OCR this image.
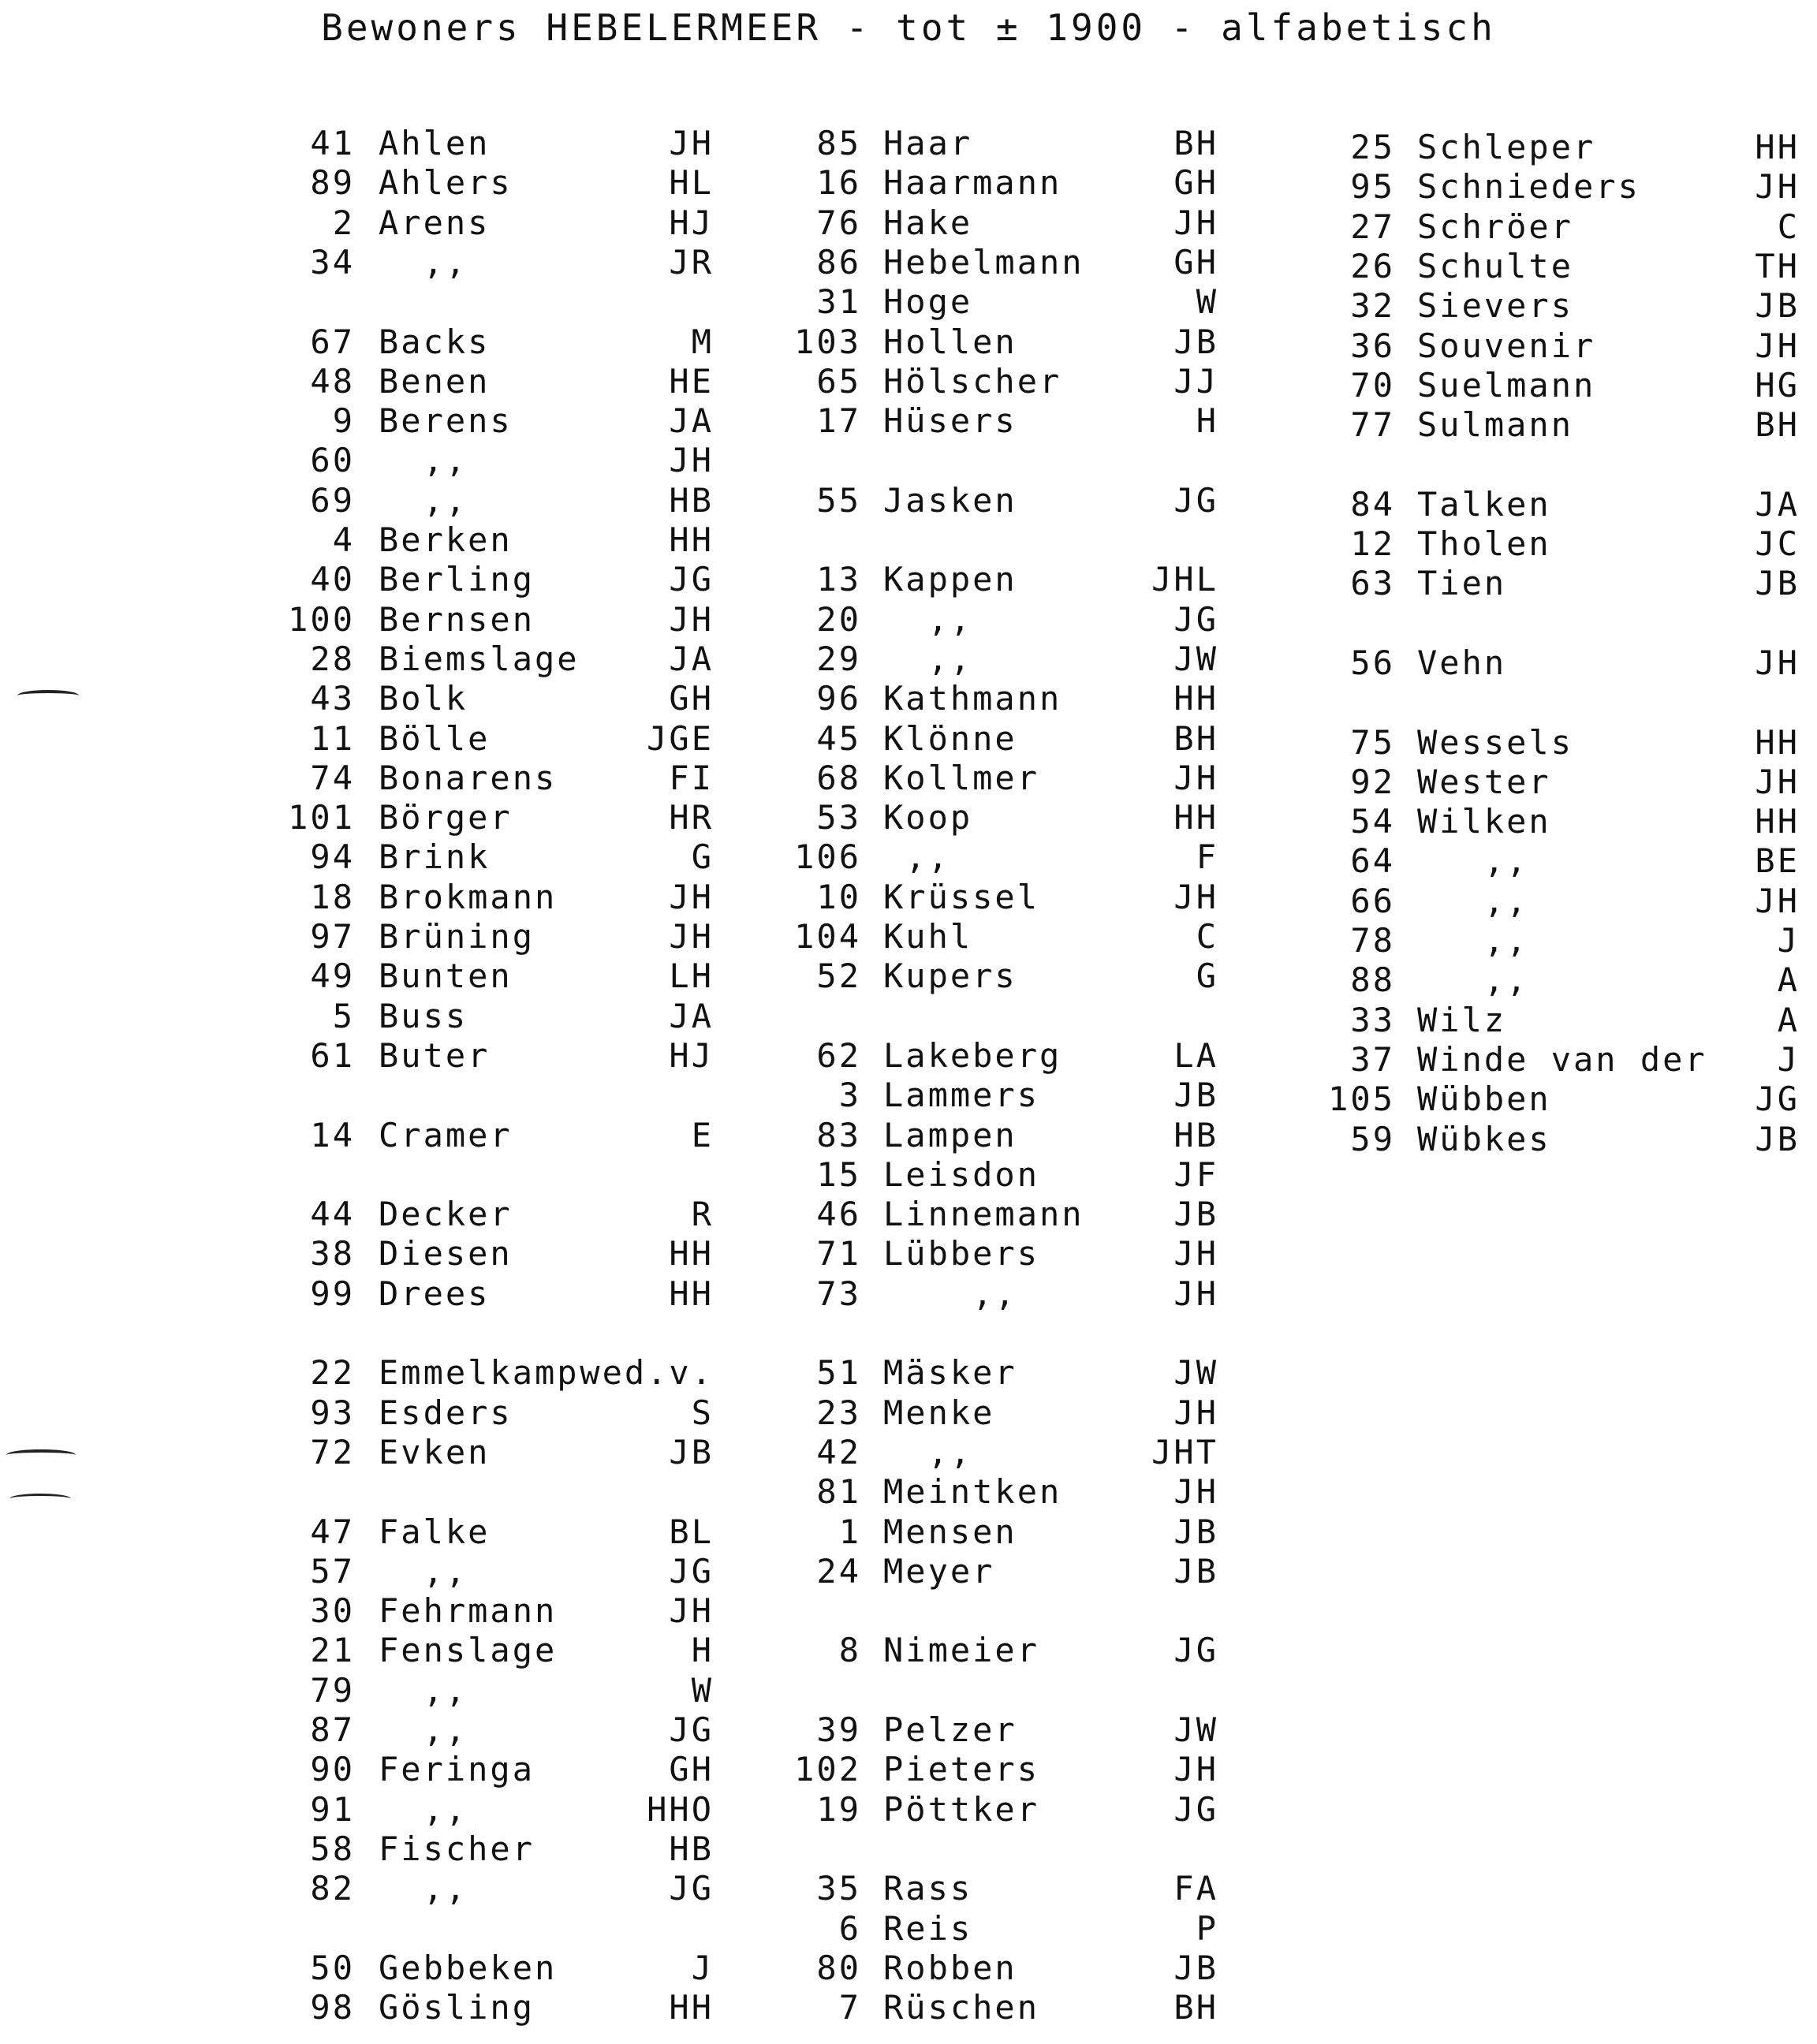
Bewoners HEBELERMEER - tot ± 1900 - alfabetisch
41 Ahlen	JH
89 Ahlers	HL
2 Arens	HJ
34 ,,	JR
67 Backs	M
48 Benen	HE
9 Berens	JA
60 ,,	JH
69 ,,	HB
4 Berken	HH
40 Berling	JG
100 Bernsen	JH
28 Biemslage	JA
43 Bolk	GH
11 Bölle	JGE
74 Bonarens	FI
101 Börger	HR
94 Brink	G
18 Brokmann	JH
97 Brüning	JH
49 Bunten	LH
5 Buss	JA
61 Buter	HJ
14 Cramer	E
44 Decker	R
38 Diesen	HH
99 Drees	HH
22 Emmelkamp wed.v.
93 Esders	S
72 Evken	JB
47 Falke	BL
57 ,,	JG
30 Fehrmann	JH
21 Fenslage	H
79 ,,	W
87 ,,	JG
90 Feringa	GH
91 ,,	HHO
58 Fischer	HB
82 ,,	JG
50 Gebbeken	J
98 Gösling	HH
85 Haar	BH
16 Haarmann	GH
76 Hake	JH
86 Hebelmann	GH
31 Hoge	W
103 Hollen	JB
65 Hölscher	JJ
17 Hüsers	H
55 Jasken	JG
13 Kappen	JHL
20 ,,	JG
29 ,,	JW
96 Kathmann	HH
45 Klönne	BH
68 Kollmer	JH
53 Koop	HH
106 ,,	F
10 Krüssel	JH
104 Kuhl	C
52 Kupers	G
62 Lakeberg	LA
3 Lammers	JB
83 Lampen	HB
15 Leisdon	JF
46 Linnemann	JB
71 Lübbers	JH
73 ,,	JH
51 Mäsker	JW
23 Menke	JH
42 ,,	JHT
81 Meintken	JH
1 Mensen	JB
24 Meyer	JB
8 Nimeier	JG
39 Pelzer	JW
102 Pieters	JH
19 Pöttker	JG
35 Rass	FA
6 Reis	P
80 Robben	JB
7 Rüschen	BH
25 Schleper	HH
95 Schnieders	JH
27 Schröer	C
26 Schulte	TH
32 Sievers	JB
36 Souvenir	JH
70 Suelmann	HG
77 Sulmann	BH
84 Talken	JA
12 Tholen	JC
63 Tien	JB
56 Vehn	JH
75 Wessels	HH
92 Wester	JH
54 Wilken	HH
64 ,,	BE
66 ,,	JH
78 ,,	J
88 ,,	A
33 Wilz	A
37 Winde van der	J
105 Wübben	JG
59 Wübkes	JB
